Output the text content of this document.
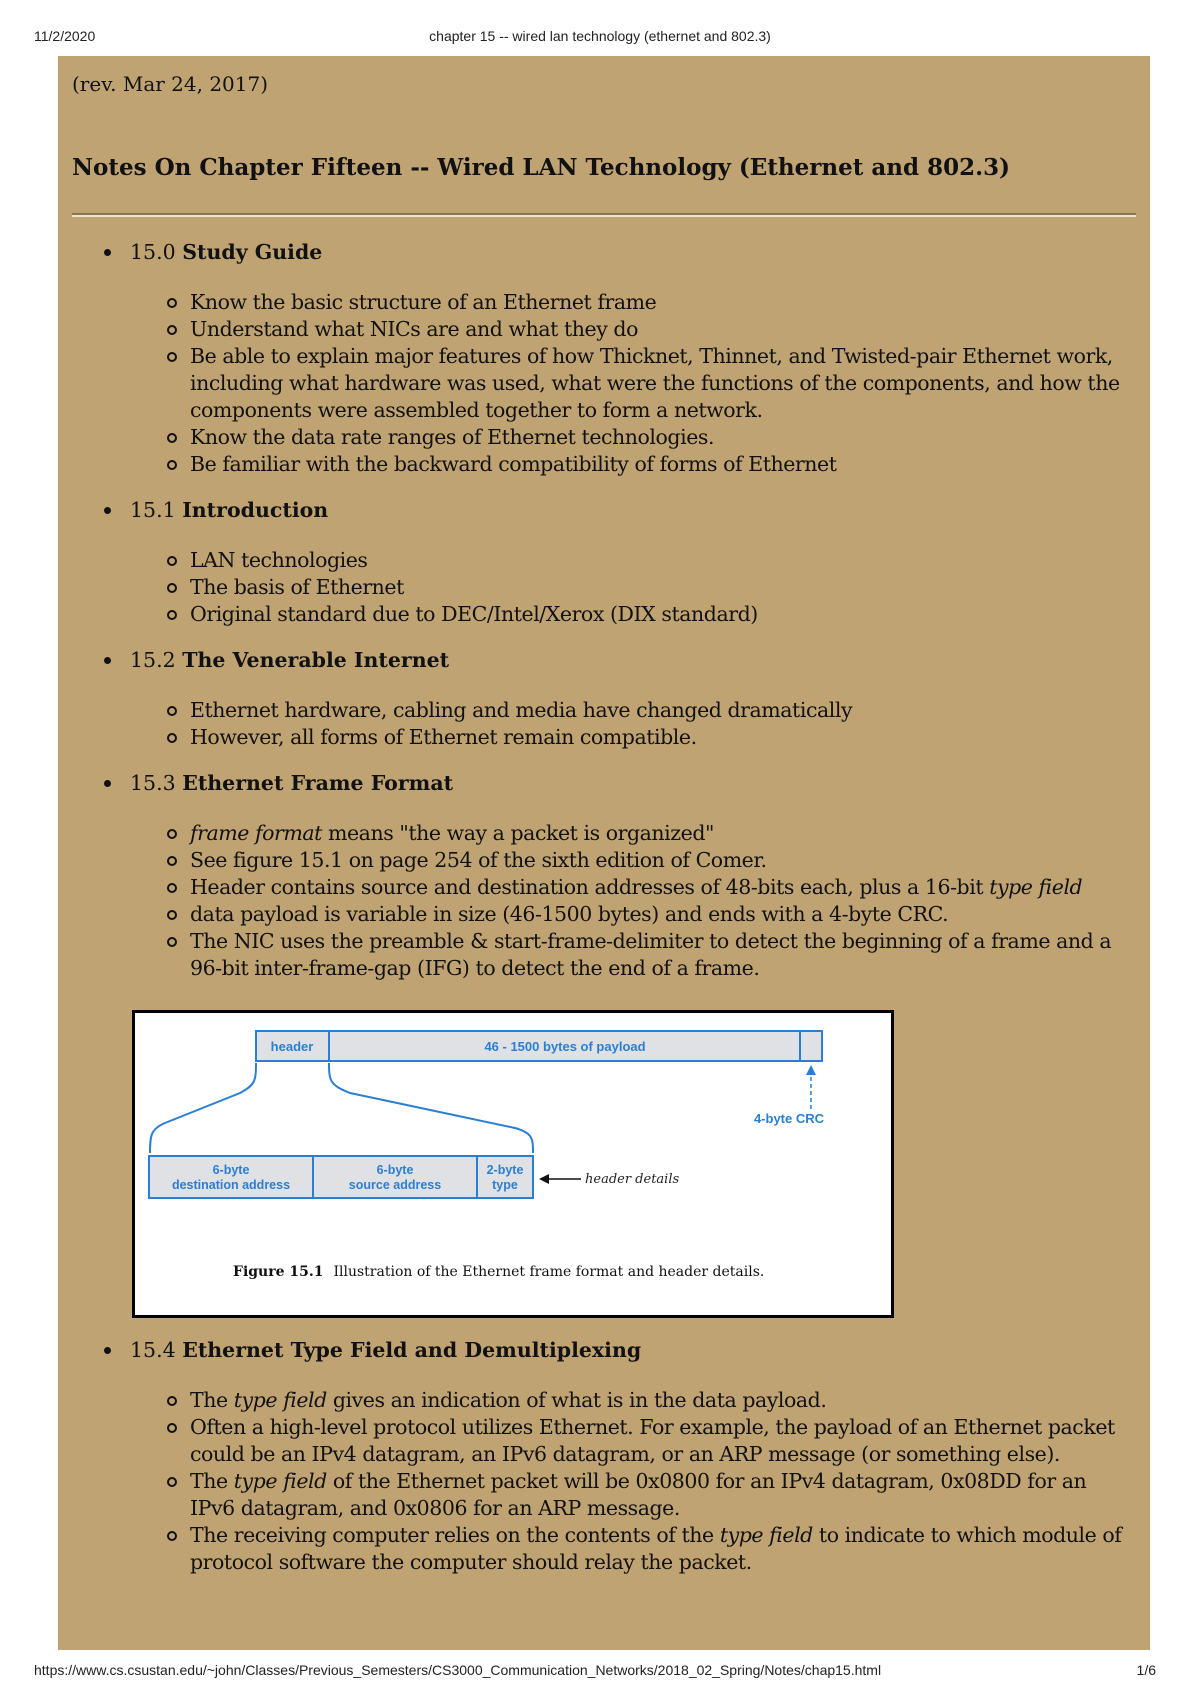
11/2/2020	chapter 15 -- wired lan technology (ethernet and 802.3)
(rev. Mar 24, 2017)
Notes On Chapter Fifteen -- Wired LAN Technology (Ethernet and 802.3)
15.0 Study Guide
Know the basic structure of an Ethernet frame
Understand what NICs are and what they do
Be able to explain major features of how Thicknet, Thinnet, and Twisted-pair Ethernet work, including what hardware was used, what were the functions of the components, and how the components were assembled together to form a network.
Know the data rate ranges of Ethernet technologies.
Be familiar with the backward compatibility of forms of Ethernet
15.1 Introduction
LAN technologies
The basis of Ethernet
Original standard due to DEC/Intel/Xerox (DIX standard)
15.2 The Venerable Internet
Ethernet hardware, cabling and media have changed dramatically
However, all forms of Ethernet remain compatible.
15.3 Ethernet Frame Format
frame format means "the way a packet is organized"
See figure 15.1 on page 254 of the sixth edition of Comer.
Header contains source and destination addresses of 48-bits each, plus a 16-bit type field
data payload is variable in size (46-1500 bytes) and ends with a 4-byte CRC.
The NIC uses the preamble & start-frame-delimiter to detect the beginning of a frame and a 96-bit inter-frame-gap (IFG) to detect the end of a frame.
header	46 - 1500 bytes of payload
4-byte CRC
6-byte
destination address
6-byte
source address
2-byte
type	header details
Figure 15.1 Illustration of the Ethernet frame format and header details.
15.4 Ethernet Type Field and Demultiplexing
The type field gives an indication of what is in the data payload.
Often a high-level protocol utilizes Ethernet. For example, the payload of an Ethernet packet could be an IPv4 datagram, an IPv6 datagram, or an ARP message (or something else).
The type field of the Ethernet packet will be 0x0800 for an IPv4 datagram, 0x08DD for an IPv6 datagram, and 0x0806 for an ARP message.
The receiving computer relies on the contents of the type field to indicate to which module of protocol software the computer should relay the packet.
https://www.cs.csustan.edu/~john/Classes/Previous_Semesters/CS3000_Communication_Networks/2018_02_Spring/Notes/chap15.html	1/6
